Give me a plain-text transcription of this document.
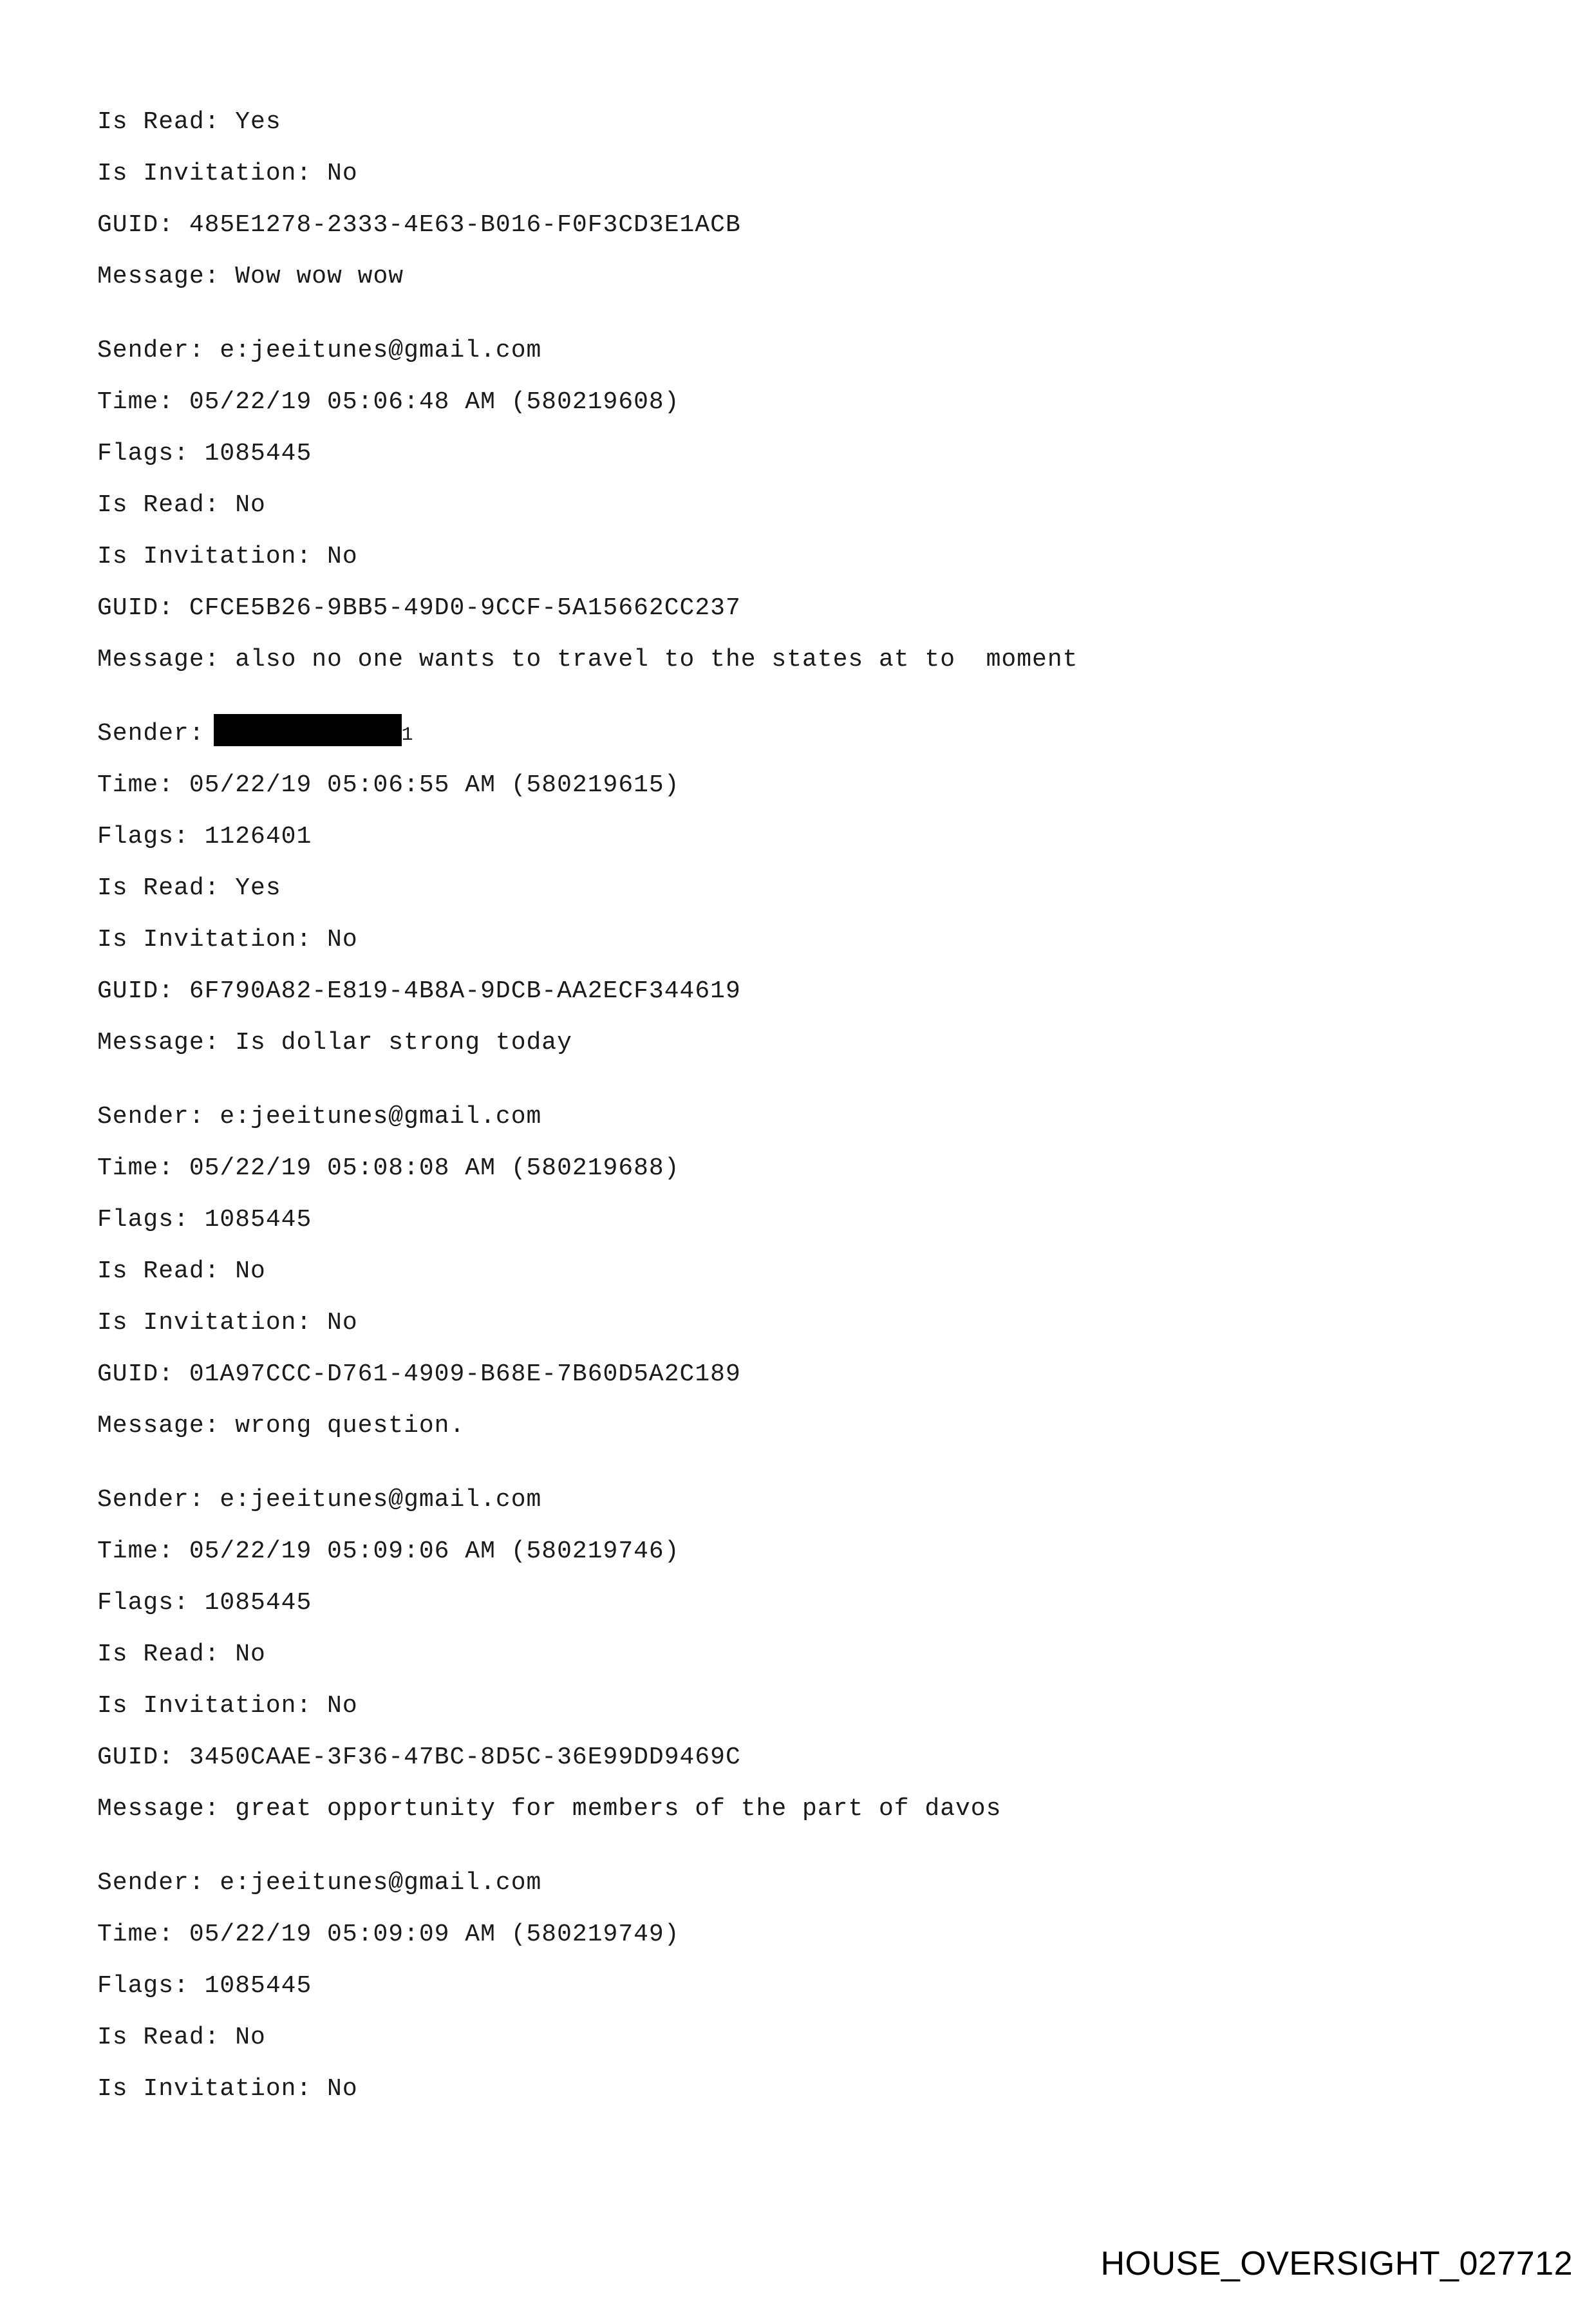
Is Read: Yes
Is Invitation: No
GUID: 485E1278-2333-4E63-B016-F0F3CD3E1ACB
Message: Wow wow wow
Sender: e:jeeitunes@gmail.com
Time: 05/22/19 05:06:48 AM (580219608)
Flags: 1085445
Is Read: No
Is Invitation: No
GUID: CFCE5B26-9BB5-49D0-9CCF-5A15662CC237
Message: also no one wants to travel to the states at to  moment
Sender:	1
Time: 05/22/19 05:06:55 AM (580219615)
Flags: 1126401
Is Read: Yes
Is Invitation: No
GUID: 6F790A82-E819-4B8A-9DCB-AA2ECF344619
Message: Is dollar strong today
Sender: e:jeeitunes@gmail.com
Time: 05/22/19 05:08:08 AM (580219688)
Flags: 1085445
Is Read: No
Is Invitation: No
GUID: 01A97CCC-D761-4909-B68E-7B60D5A2C189
Message: wrong question.
Sender: e:jeeitunes@gmail.com
Time: 05/22/19 05:09:06 AM (580219746)
Flags: 1085445
Is Read: No
Is Invitation: No
GUID: 3450CAAE-3F36-47BC-8D5C-36E99DD9469C
Message: great opportunity for members of the part of davos
Sender: e:jeeitunes@gmail.com
Time: 05/22/19 05:09:09 AM (580219749)
Flags: 1085445
Is Read: No
Is Invitation: No
HOUSE_OVERSIGHT_027712
